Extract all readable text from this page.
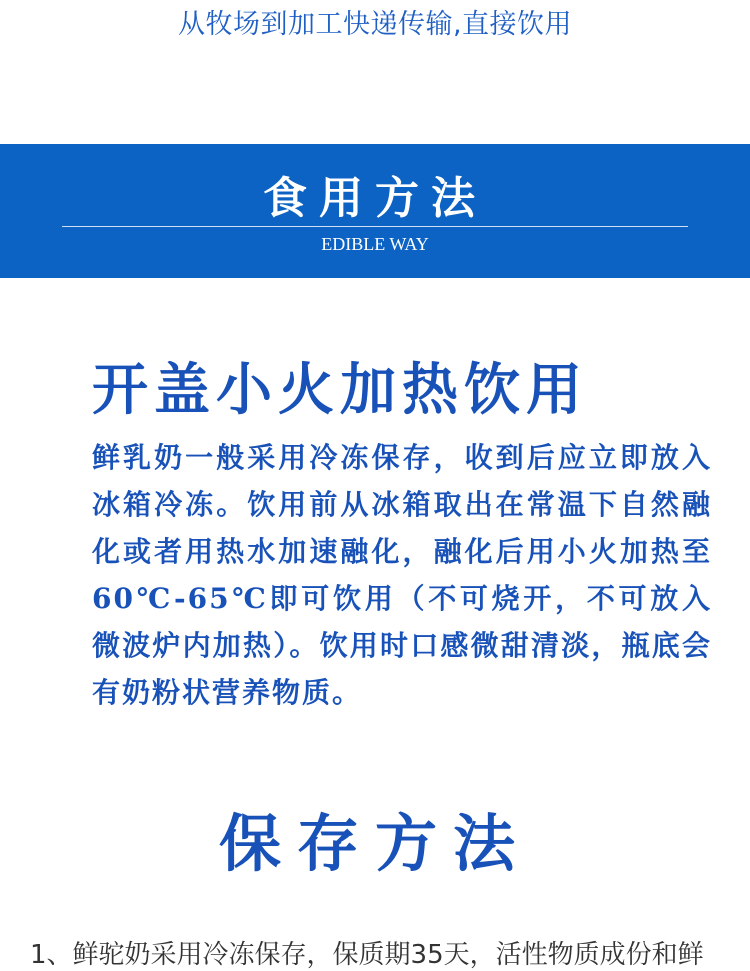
从牧场到加工快递传输,直接饮用
食用方法
EDIBLE WAY
开盖小火加热饮用
鲜乳奶一般采用冷冻保存，收到后应立即放入冰箱冷冻。饮用前从冰箱取出在常温下自然融化或者用热水加速融化，融化后用小火加热至60℃-65℃即可饮用（不可烧开，不可放入微波炉内加热）。饮用时口感微甜清淡，瓶底会有奶粉状营养物质。
保存方法
1、鲜驼奶采用冷冻保存，保质期35天，活性物质成份和鲜
